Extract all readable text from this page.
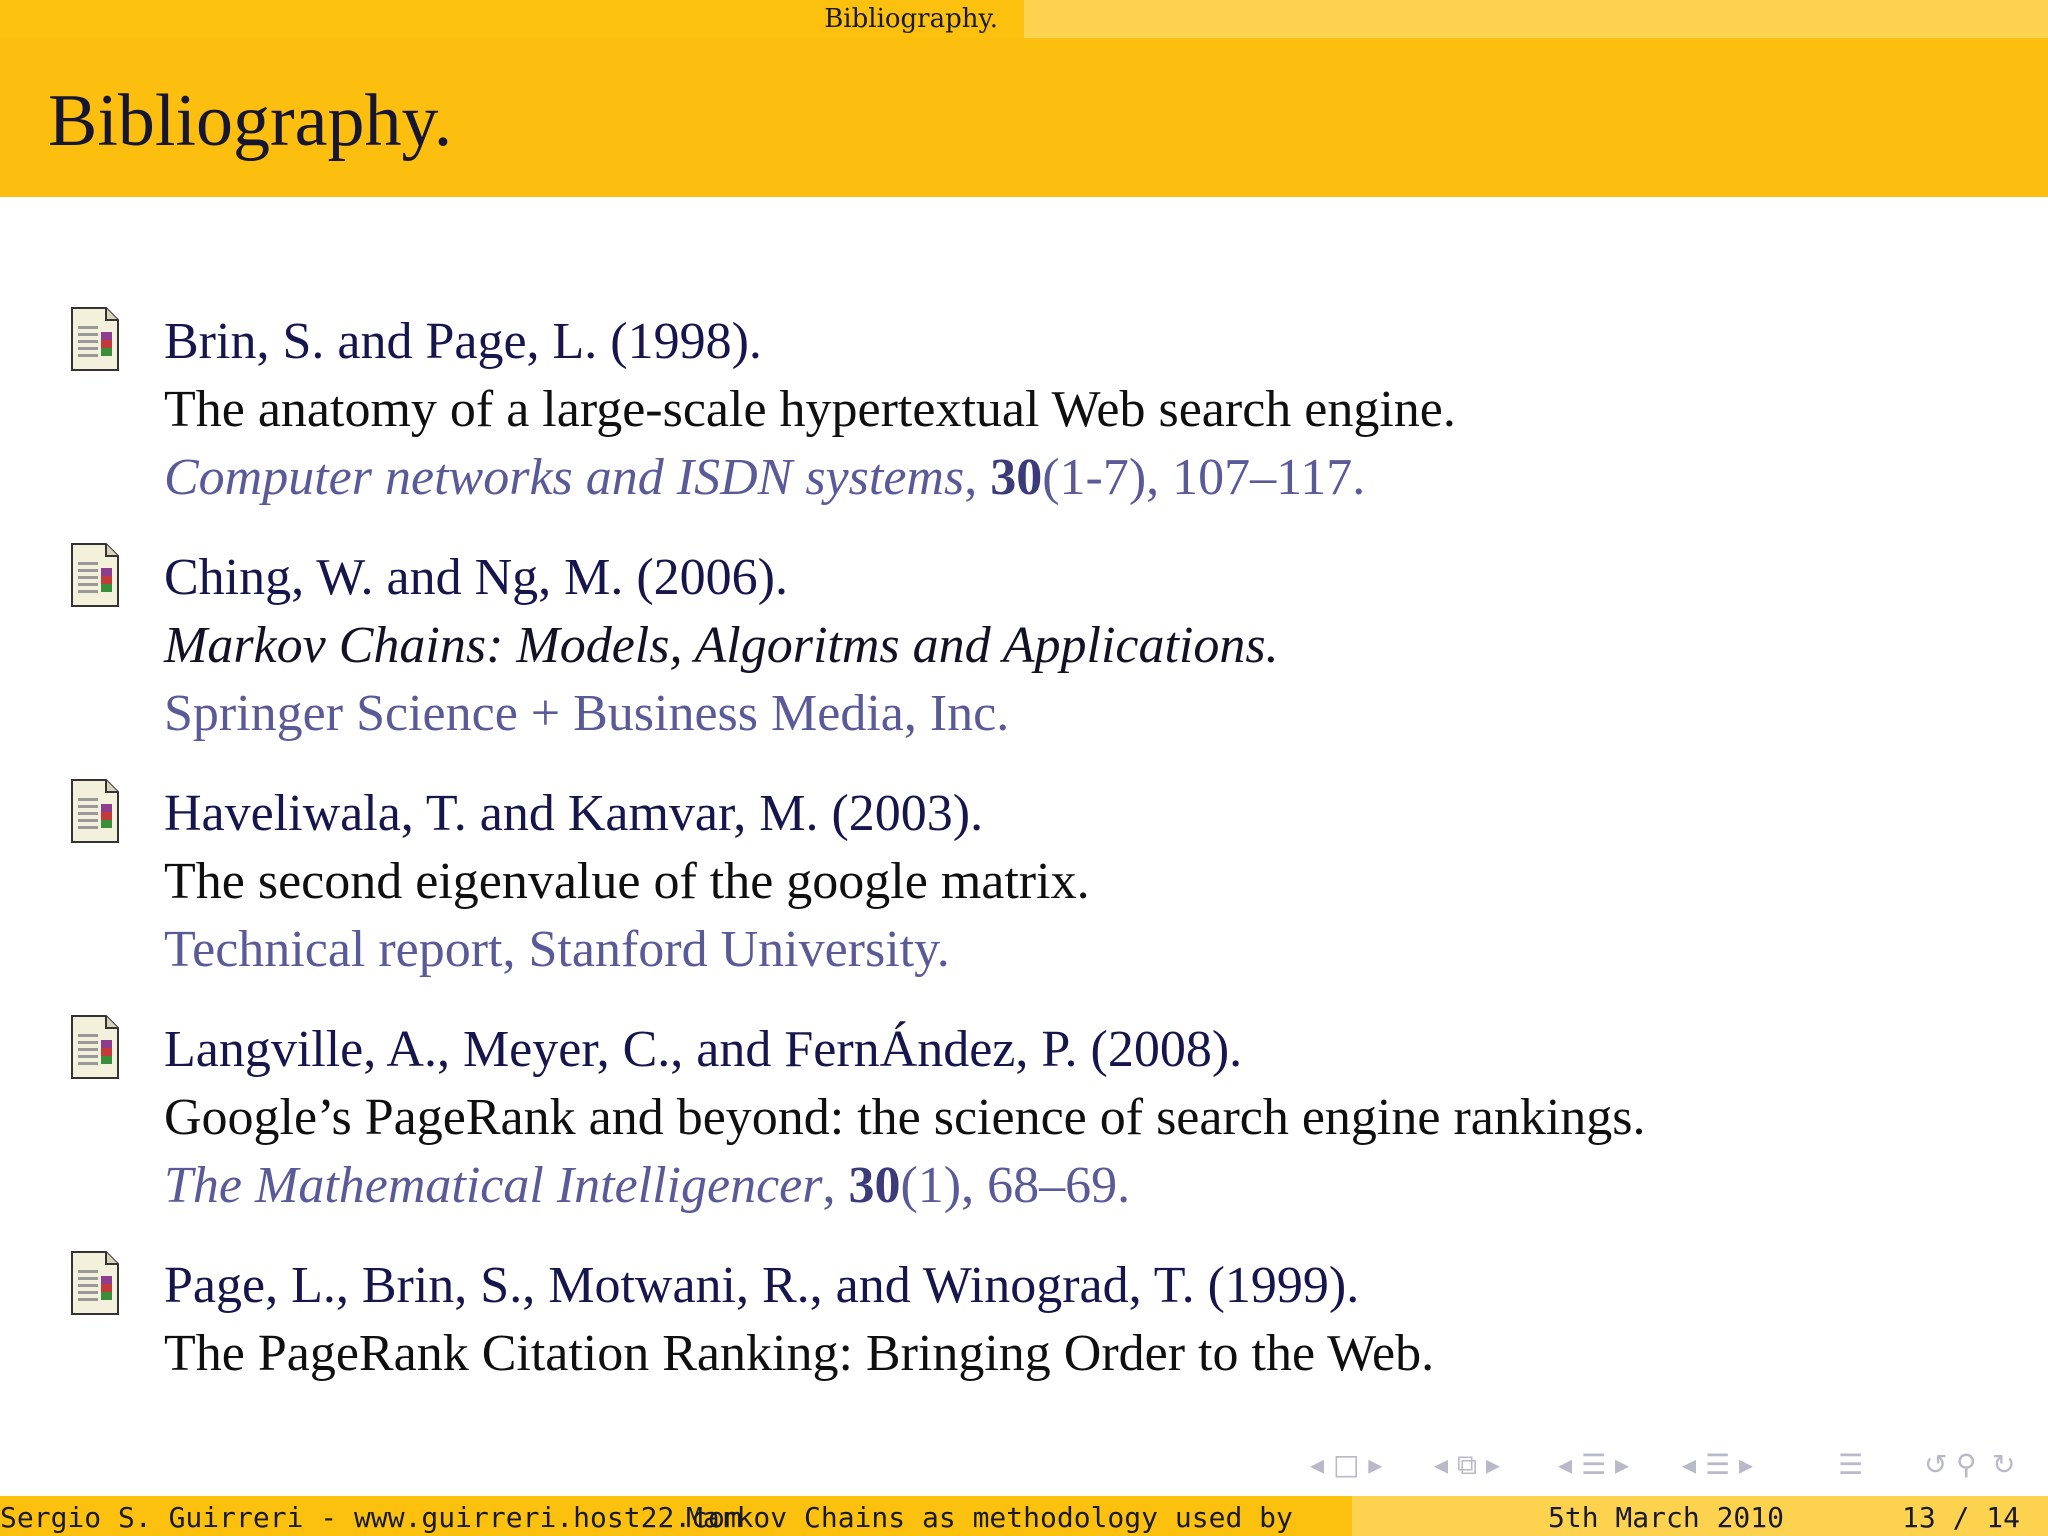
Bibliography.
Bibliography.
Brin, S. and Page, L. (1998).
The anatomy of a large-scale hypertextual Web search engine.
Computer networks and ISDN systems, 30(1-7), 107–117.
Ching, W. and Ng, M. (2006).
Markov Chains: Models, Algoritms and Applications.
Springer Science + Business Media, Inc.
Haveliwala, T. and Kamvar, M. (2003).
The second eigenvalue of the google matrix.
Technical report, Stanford University.
Langville, A., Meyer, C., and FernÁndez, P. (2008).
Google’s PageRank and beyond: the science of search engine rankings.
The Mathematical Intelligencer, 30(1), 68–69.
Page, L., Brin, S., Motwani, R., and Winograd, T. (1999).
The PageRank Citation Ranking: Bringing Order to the Web.
◂ □ ▸ ◂ ⧉ ▸ ◂ ☰ ▸ ◂ ☰ ▸	☰ ↺ ⚲ ↻
Sergio S. Guirreri - www.guirreri.host22.com
Markov Chains as methodology used by	5th March 2010	13 / 14
